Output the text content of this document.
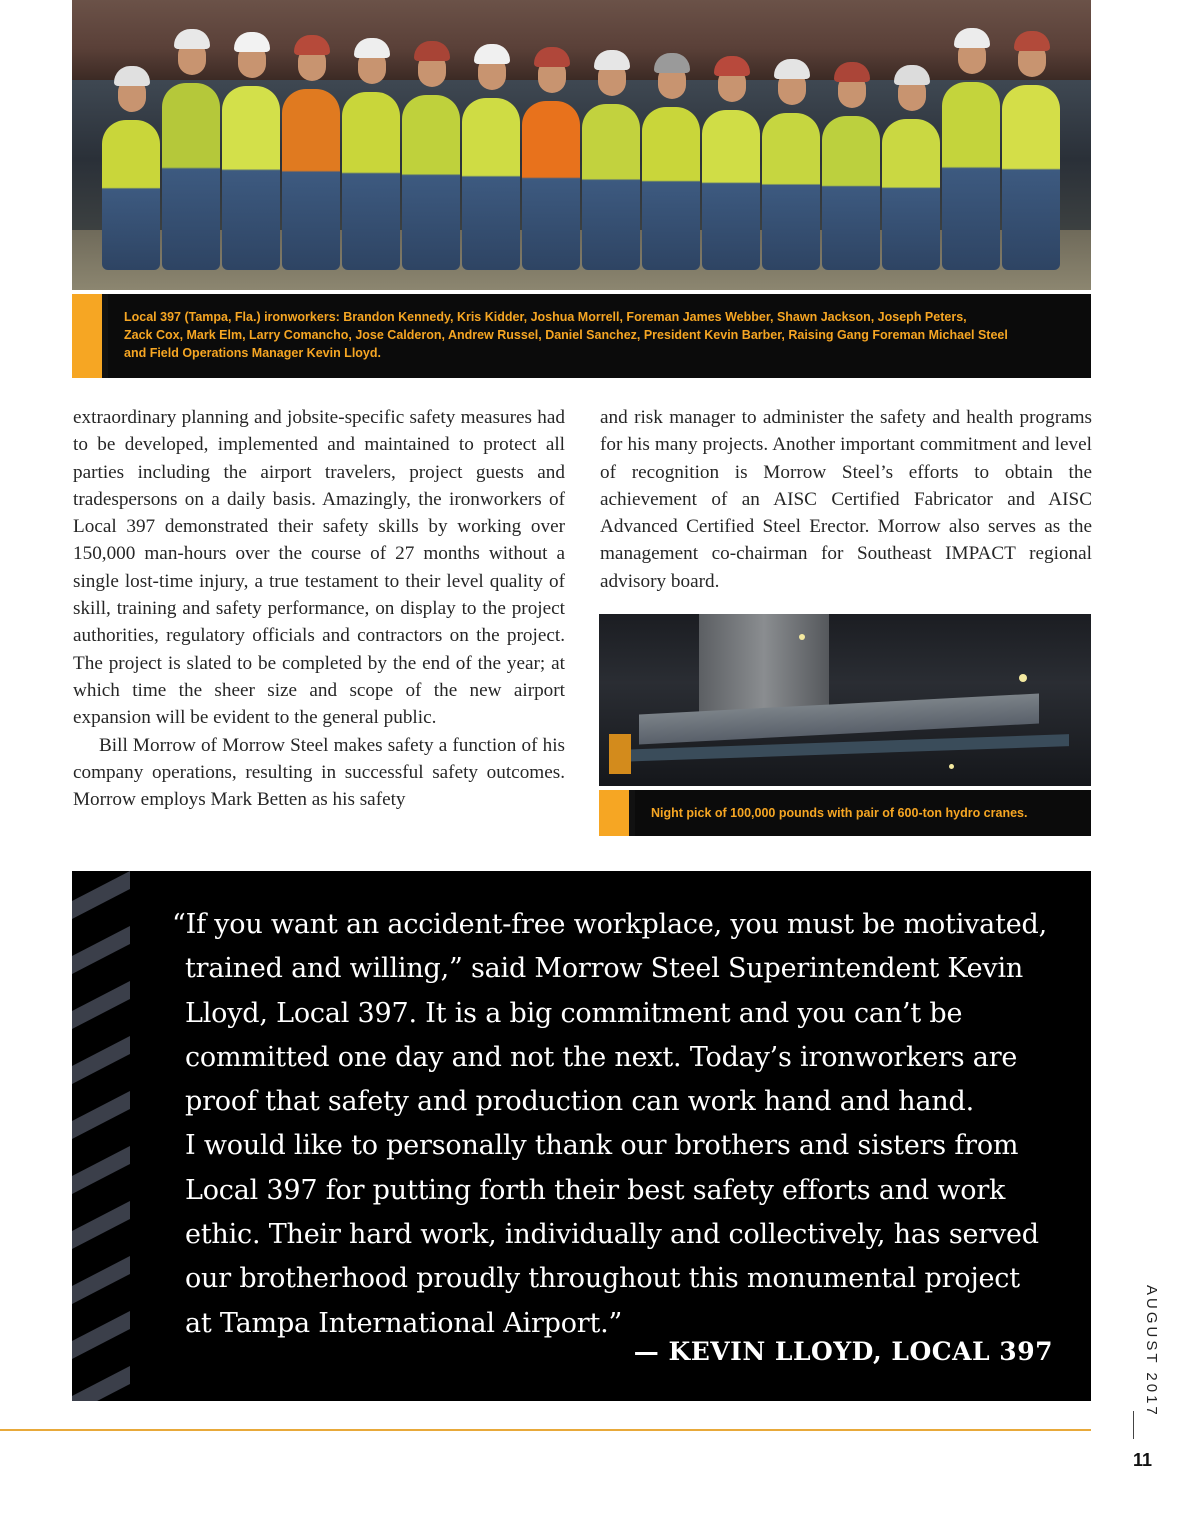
Local 397 (Tampa, Fla.) ironworkers: Brandon Kennedy, Kris Kidder, Joshua Morrell, Foreman James Webber, Shawn Jackson, Joseph Peters,
Zack Cox, Mark Elm, Larry Comancho, Jose Calderon, Andrew Russel, Daniel Sanchez, President Kevin Barber, Raising Gang Foreman Michael Steel
and Field Operations Manager Kevin Lloyd.

extraordinary planning and jobsite-specific safety measures had to be developed, implemented and maintained to protect all parties including the airport travelers, project guests and tradespersons on a daily basis. Amazingly, the ironworkers of Local 397 demonstrated their safety skills by working over 150,000 man-hours over the course of 27 months without a single lost-time injury, a true testament to their level quality of skill, training and safety performance, on display to the project authorities, regulatory officials and contractors on the project. The project is slated to be completed by the end of the year; at which time the sheer size and scope of the new airport expansion will be evident to the general public.

Bill Morrow of Morrow Steel makes safety a function of his company operations, resulting in successful safety outcomes. Morrow employs Mark Betten as his safety

and risk manager to administer the safety and health programs for his many projects. Another important commitment and level of recognition is Morrow Steel’s efforts to obtain the achievement of an AISC Certified Fabricator and AISC Advanced Certified Steel Erector. Morrow also serves as the management co-chairman for Southeast IMPACT regional advisory board.

Night pick of 100,000 pounds with pair of 600-ton hydro cranes.
“If you want an accident-free workplace, you must be motivated,
trained and willing,” said Morrow Steel Superintendent Kevin
Lloyd, Local 397. It is a big commitment and you can’t be
committed one day and not the next. Today’s ironworkers are
proof that safety and production can work hand and hand.
I would like to personally thank our brothers and sisters from
Local 397 for putting forth their best safety efforts and work
ethic. Their hard work, individually and collectively, has served
our brotherhood proudly throughout this monumental project
at Tampa International Airport.”
— KEVIN LLOYD, LOCAL 397	AUGUST 2017
11
